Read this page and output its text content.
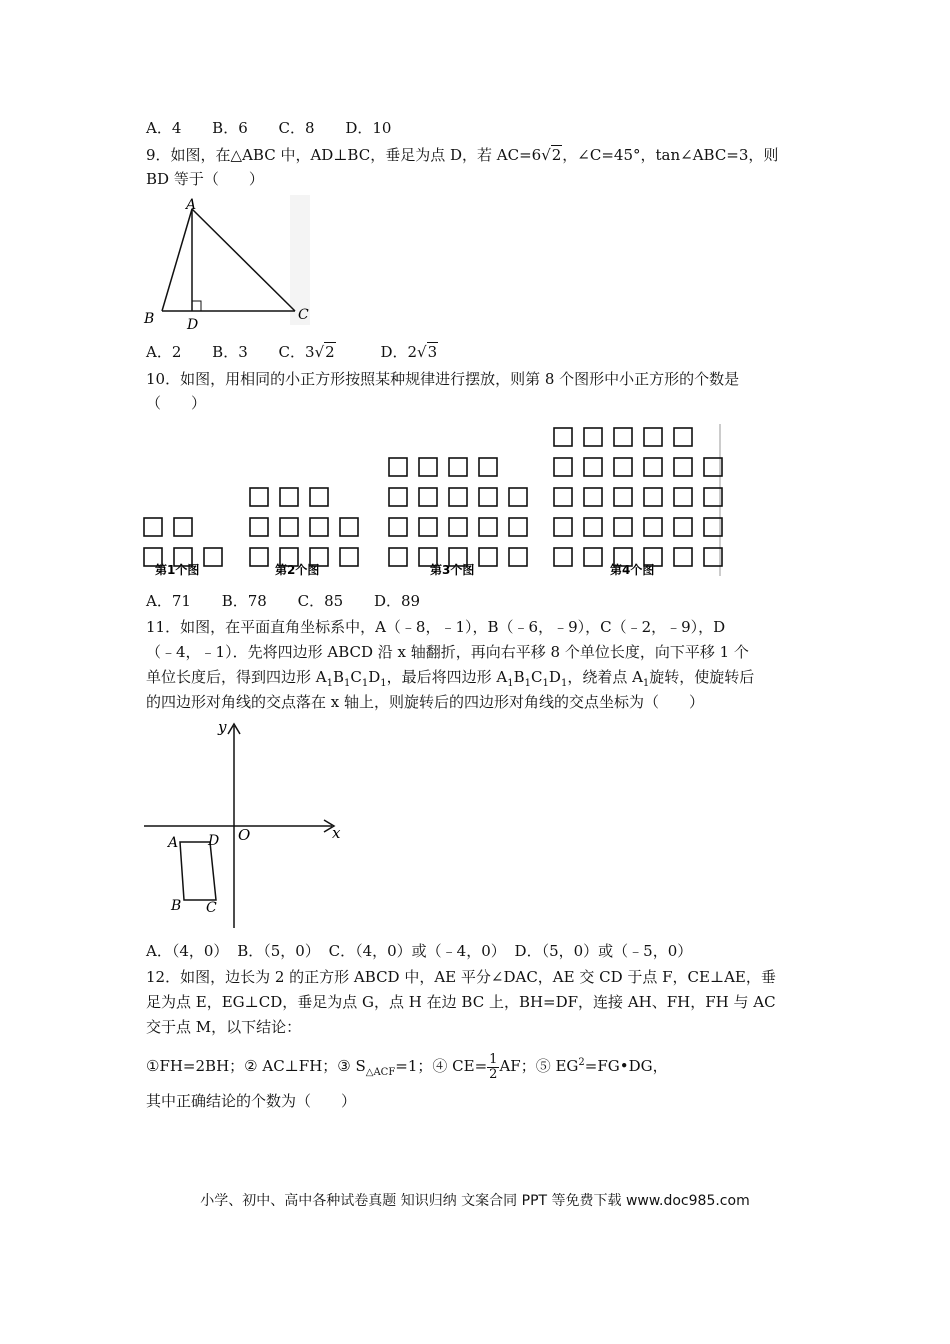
A．4 B．6 C．8 D．10
9．如图，在△ABC 中，AD⊥BC，垂足为点 D，若 AC=6√2，∠C=45°，tan∠ABC=3，则
BD 等于（　　）
A
B D
C
A．2 B．3 C．3√2	D．2√3
10．如图，用相同的小正方形按照某种规律进行摆放，则第 8 个图形中小正方形的个数是
（　　）
第1个图	第2个图	第3个图	第4个图
A．71 B．78 C．85 D．89
11．如图，在平面直角坐标系中，A（﹣8，﹣1），B（﹣6，﹣9），C（﹣2，﹣9），D
（﹣4，﹣1）．先将四边形 ABCD 沿 x 轴翻折，再向右平移 8 个单位长度，向下平移 1 个
单位长度后，得到四边形 $A_1B_1C_1D_1$，最后将四边形 $A_1B_1C_1D_1$，绕着点 $A_1$旋转，使旋转后
的四边形对角线的交点落在 x 轴上，则旋转后的四边形对角线的交点坐标为（　　）
y
x
O
A D
B C
A．（4，0） B．（5，0） C．（4，0）或（﹣4，0） D．（5，0）或（﹣5，0）
12．如图，边长为 2 的正方形 ABCD 中，AE 平分∠DAC，AE 交 CD 于点 F，CE⊥AE，垂
足为点 E，EG⊥CD，垂足为点 G，点 H 在边 BC 上，BH=DF，连接 AH、FH，FH 与 AC
交于点 M，以下结论：
①FH=2BH；② AC⊥FH；③ $S_{\triangle ACF}=1$；④ $CE= \frac{1}{2}$ AF；⑤ $EG^2=FG•DG$，
其中正确结论的个数为（　　）
小学、初中、高中各种试卷真题 知识归纳 文案合同 PPT 等免费下载 www.doc985.com
